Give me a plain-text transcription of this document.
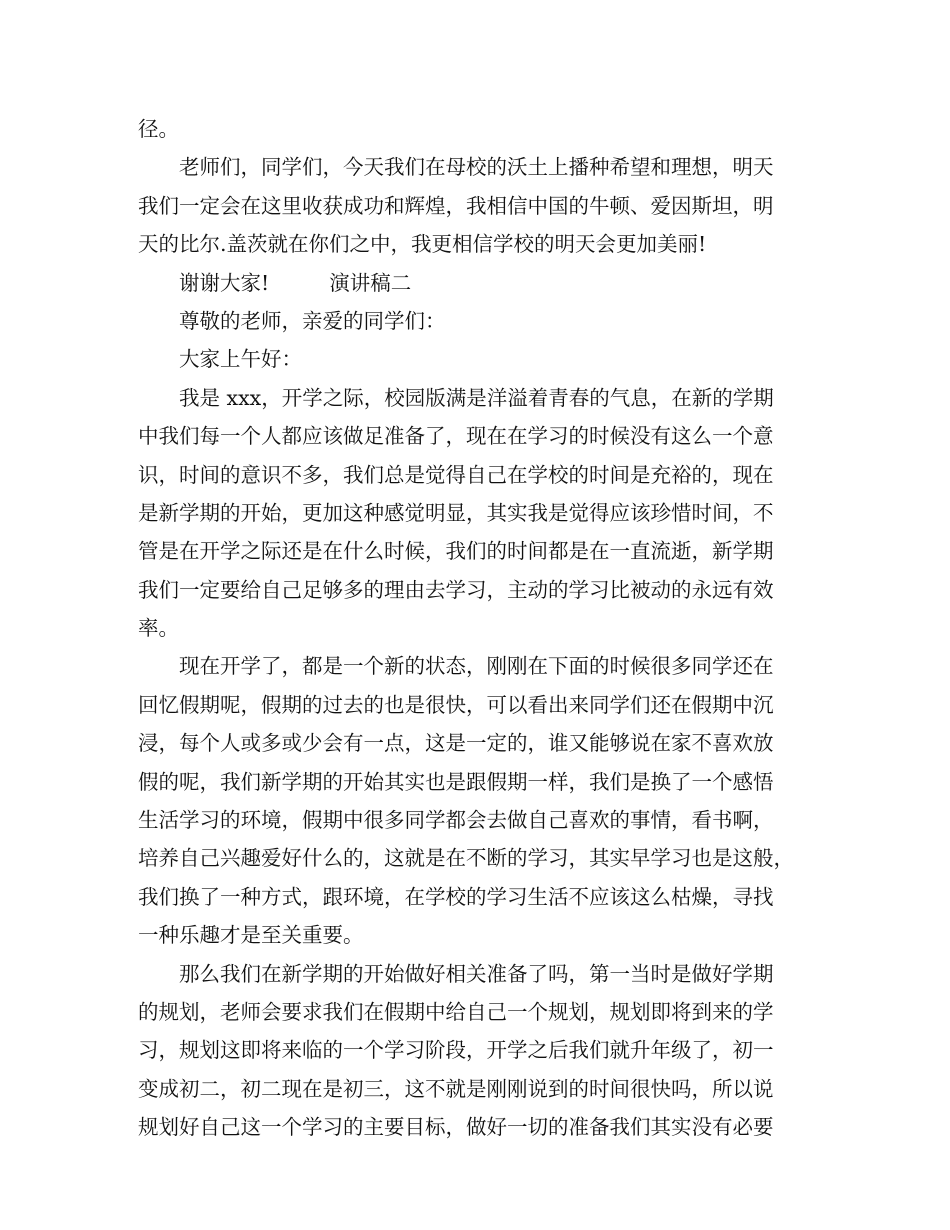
径。
老师们，同学们，今天我们在母校的沃土上播种希望和理想，明天
我们一定会在这里收获成功和辉煌，我相信中国的牛顿、爱因斯坦，明
天的比尔.盖茨就在你们之中，我更相信学校的明天会更加美丽!
谢谢大家!	演讲稿二
尊敬的老师，亲爱的同学们：
大家上午好：
我是 xxx，开学之际，校园版满是洋溢着青春的气息，在新的学期
中我们每一个人都应该做足准备了，现在在学习的时候没有这么一个意
识，时间的意识不多，我们总是觉得自己在学校的时间是充裕的，现在
是新学期的开始，更加这种感觉明显，其实我是觉得应该珍惜时间，不
管是在开学之际还是在什么时候，我们的时间都是在一直流逝，新学期
我们一定要给自己足够多的理由去学习，主动的学习比被动的永远有效
率。
现在开学了，都是一个新的状态，刚刚在下面的时候很多同学还在
回忆假期呢，假期的过去的也是很快，可以看出来同学们还在假期中沉
浸，每个人或多或少会有一点，这是一定的，谁又能够说在家不喜欢放
假的呢，我们新学期的开始其实也是跟假期一样，我们是换了一个感悟
生活学习的环境，假期中很多同学都会去做自己喜欢的事情，看书啊，
培养自己兴趣爱好什么的，这就是在不断的学习，其实早学习也是这般，
我们换了一种方式，跟环境，在学校的学习生活不应该这么枯燥，寻找
一种乐趣才是至关重要。
那么我们在新学期的开始做好相关准备了吗，第一当时是做好学期
的规划，老师会要求我们在假期中给自己一个规划，规划即将到来的学
习，规划这即将来临的一个学习阶段，开学之后我们就升年级了，初一
变成初二，初二现在是初三，这不就是刚刚说到的时间很快吗，所以说
规划好自己这一个学习的主要目标，做好一切的准备我们其实没有必要
